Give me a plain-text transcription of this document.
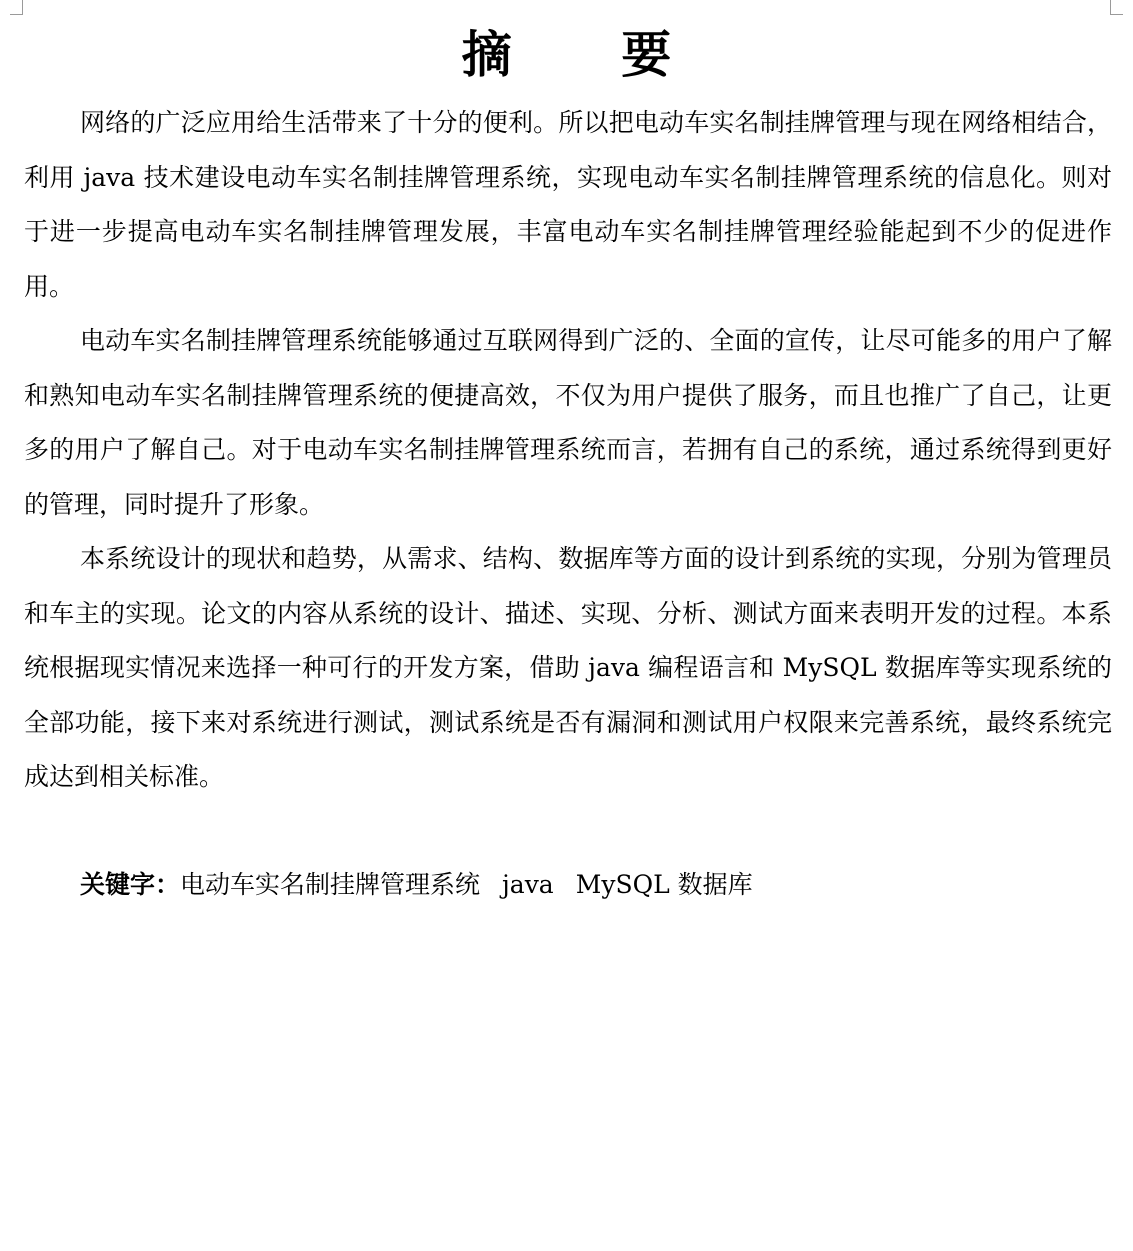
摘 要

网络的广泛应用给生活带来了十分的便利。所以把电动车实名制挂牌管理与现在网络相结合，利用 java 技术建设电动车实名制挂牌管理系统，实现电动车实名制挂牌管理系统的信息化。则对于进一步提高电动车实名制挂牌管理发展，丰富电动车实名制挂牌管理经验能起到不少的促进作用。

电动车实名制挂牌管理系统能够通过互联网得到广泛的、全面的宣传，让尽可能多的用户了解和熟知电动车实名制挂牌管理系统的便捷高效，不仅为用户提供了服务，而且也推广了自己，让更多的用户了解自己。对于电动车实名制挂牌管理系统而言，若拥有自己的系统，通过系统得到更好的管理，同时提升了形象。

本系统设计的现状和趋势，从需求、结构、数据库等方面的设计到系统的实现，分别为管理员和车主的实现。论文的内容从系统的设计、描述、实现、分析、测试方面来表明开发的过程。本系统根据现实情况来选择一种可行的开发方案，借助 java 编程语言和 MySQL 数据库等实现系统的全部功能，接下来对系统进行测试，测试系统是否有漏洞和测试用户权限来完善系统，最终系统完成达到相关标准。

关键字：电动车实名制挂牌管理系统 java MySQL 数据库
